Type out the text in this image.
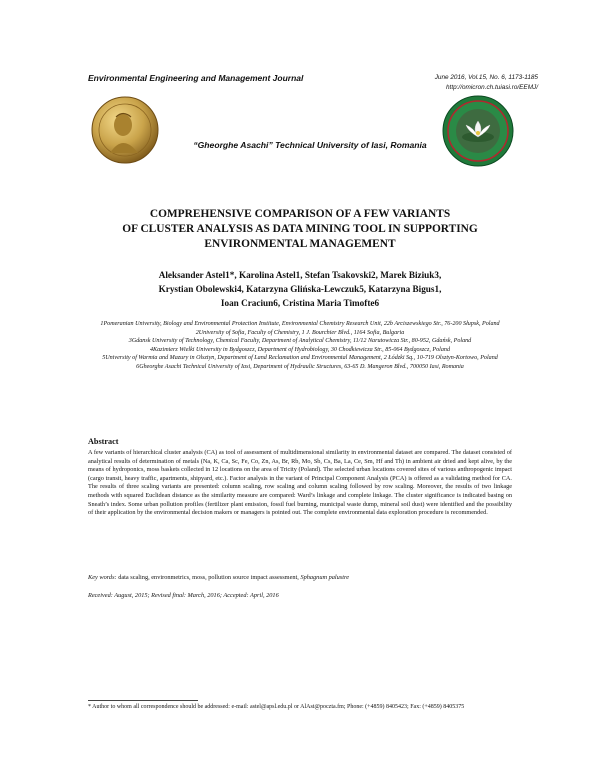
Environmental Engineering and Management Journal	June 2016, Vol.15, No. 6, 1173-1185
http://omicron.ch.tuiasi.ro/EEMJ/
“Gheorghe Asachi” Technical University of Iasi, Romania
COMPREHENSIVE COMPARISON OF A FEW VARIANTS
OF CLUSTER ANALYSIS AS DATA MINING TOOL IN SUPPORTING
ENVIRONMENTAL MANAGEMENT
Aleksander Astel1*, Karolina Astel1, Stefan Tsakovski2, Marek Biziuk3,
Krystian Obolewski4, Katarzyna Glińska-Lewczuk5, Katarzyna Bigus1,
Ioan Craciun6, Cristina Maria Timofte6
1Pomeranian University, Biology and Environmental Protection Institute, Environmental Chemistry Research Unit, 22b Arciszewskiego Str., 76-200 Słupsk, Poland
2University of Sofia, Faculty of Chemistry, 1 J. Bourchier Blvd., 1164 Sofia, Bulgaria
3Gdansk University of Technology, Chemical Faculty, Department of Analytical Chemistry, 11/12 Narutowicza Str., 80-952, Gdańsk, Poland
4Kazimierz Wielki University in Bydgoszcz, Department of Hydrobiology, 30 Chodkiewicza Str., 85-064 Bydgoszcz, Poland
5University of Warmia and Mazury in Olsztyn, Department of Land Reclamation and Environmental Management, 2 Łódzki Sq., 10-719 Olsztyn-Kortowo, Poland
6Gheorghe Asachi Technical University of Iasi, Department of Hydraulic Structures, 63-65 D. Mangeron Blvd., 700050 Iasi, Romania
Abstract
A few variants of hierarchical cluster analysis (CA) as tool of assessment of multidimensional similarity in environmental dataset are compared. The dataset consisted of analytical results of determination of metals (Na, K, Ca, Sc, Fe, Co, Zn, As, Br, Rb, Mo, Sb, Cs, Ba, La, Ce, Sm, Hf and Th) in ambient air dried and kept alive, by the means of hydroponics, moss baskets collected in 12 locations on the area of Tricity (Poland). The selected urban locations covered sites of various anthropogenic impact (cargo transit, heavy traffic, apartments, shipyard, etc.). Factor analysis in the variant of Principal Component Analysis (PCA) is offered as a validating method for CA. The results of three scaling variants are presented: column scaling, row scaling and column scaling followed by row scaling. Moreover, the results of two linkage methods with squared Euclidean distance as the similarity measure are compared: Ward’s linkage and complete linkage. The cluster significance is indicated basing on Sneath’s index. Some urban pollution profiles (fertilizer plant emission, fossil fuel burning, municipal waste dump, mineral soil dust) were identified and the possibility of their application by the environmental decision makers or managers is pointed out. The complete environmental data exploration procedure is recommended.
Key words: data scaling, environmetrics, moss, pollution source impact assessment, Sphagnum palustre
Received: August, 2015; Revised final: March, 2016; Accepted: April, 2016
* Author to whom all correspondence should be addressed: e-mail: astel@apsl.edu.pl or AlAst@poczta.fm; Phone: (+4859) 8405423; Fax: (+4859) 8405375
